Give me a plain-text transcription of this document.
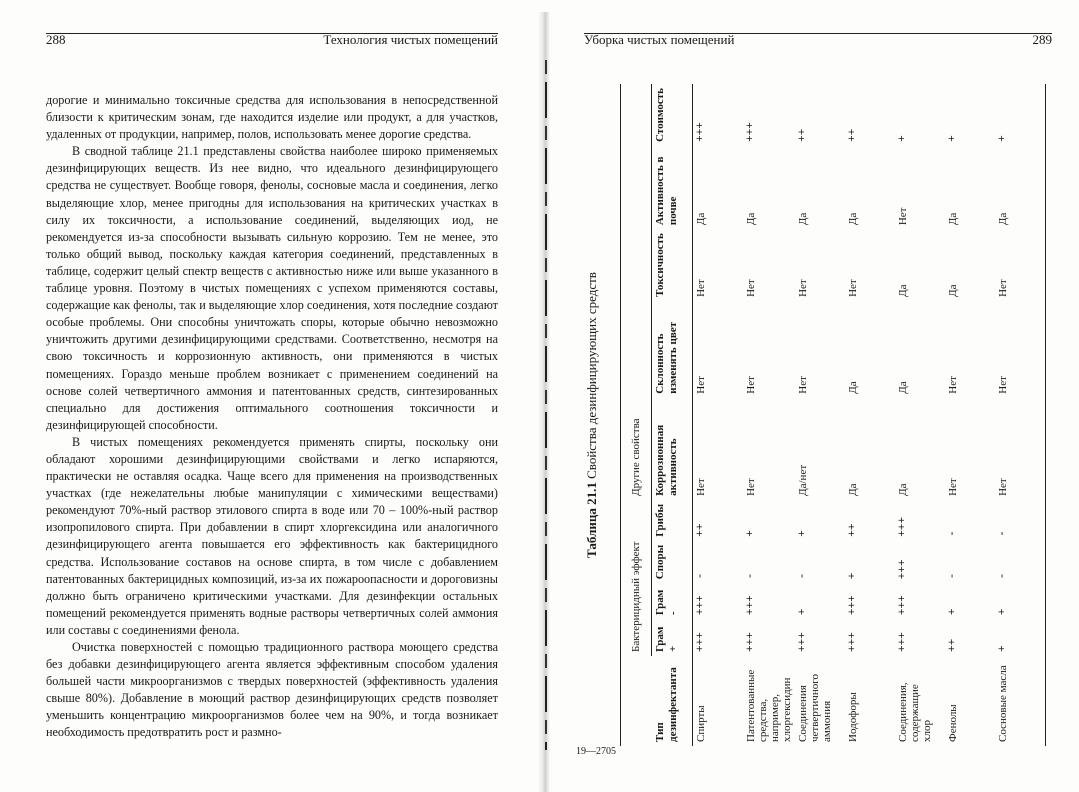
288	Технология чистых помещений

дорогие и минимально токсичные средства для использования в непосредственной близости к критическим зонам, где находится изделие или продукт, а для участков, удаленных от продукции, например, полов, использовать менее дорогие средства.

В сводной таблице 21.1 представлены свойства наиболее широко применяемых дезинфицирующих веществ. Из нее видно, что идеального дезинфицирующего средства не существует. Вообще говоря, фенолы, сосновые масла и соединения, легко выделяющие хлор, менее пригодны для использования на критических участках в силу их токсичности, а использование соединений, выделяющих иод, не рекомендуется из-за способности вызывать сильную коррозию. Тем не менее, это только общий вывод, поскольку каждая категория соединений, представленных в таблице, содержит целый спектр веществ с активностью ниже или выше указанного в таблице уровня. Поэтому в чистых помещениях с успехом применяются составы, содержащие как фенолы, так и выделяющие хлор соединения, хотя последние создают особые проблемы. Они способны уничтожать споры, которые обычно невозможно уничтожить другими дезинфицирующими средствами. Соответственно, несмотря на свою токсичность и коррозионную активность, они применяются в чистых помещениях. Гораздо меньше проблем возникает с применением соединений на основе солей четвертичного аммония и патентованных средств, синтезированных специально для достижения оптимального соотношения токсичности и дезинфицирующей способности.

В чистых помещениях рекомендуется применять спирты, поскольку они обладают хорошими дезинфицирующими свойствами и легко испаряются, практически не оставляя осадка. Чаще всего для применения на производственных участках (где нежелательны любые манипуляции с химическими веществами) рекомендуют 70%-ный раствор этилового спирта в воде или 70 – 100%-ный раствор изопропилового спирта. При добавлении в спирт хлоргексидина или аналогичного дезинфицирующего агента повышается его эффективность как бактерицидного средства. Использование составов на основе спирта, в том числе с добавлением патентованных бактерицидных композиций, из-за их пожароопасности и дороговизны должно быть ограничено критическими участками. Для дезинфекции остальных помещений рекомендуется применять водные растворы четвертичных солей аммония или составы с соединениями фенола.

Очистка поверхностей с помощью традиционного раствора моющего средства без добавки дезинфицирующего агента является эффективным способом удаления большей части микроорганизмов с твердых поверхностей (эффективность удаления свыше 80%). Добавление в моющий раствор дезинфицирующих средств позволяет уменьшить концентрацию микроорганизмов более чем на 90%, и тогда возникает необходимость предотвратить рост и размно-

Уборка чистых помещений	289
Таблица 21.1 Свойства дезинфицирующих средств
	Бактерицидный эффект				Другие свойства				
Тип дезинфектанта	Грам +	Грам -	Споры	Грибы	Коррозионная активность	Склонность изменять цвет	Токсичность	Активность в почве	Стоимость
Спирты	+++	+++	-	++	Нет	Нет	Нет	Да	+++
Патентованные средства, например, хлоргексидин	+++	+++	-	+	Нет	Нет	Нет	Да	+++
Соединения четвертичного аммония	+++	+	-	+	Да/нет	Нет	Нет	Да	++
Иодофоры	+++	+++	+	++	Да	Да	Нет	Да	++
Соединения, содержащие хлор	+++	+++	+++	+++	Да	Да	Да	Нет	+
Фенолы	++	+	-	-	Нет	Нет	Да	Да	+
Сосновые масла	+	+	-	-	Нет	Нет	Нет	Да	+
19—2705
